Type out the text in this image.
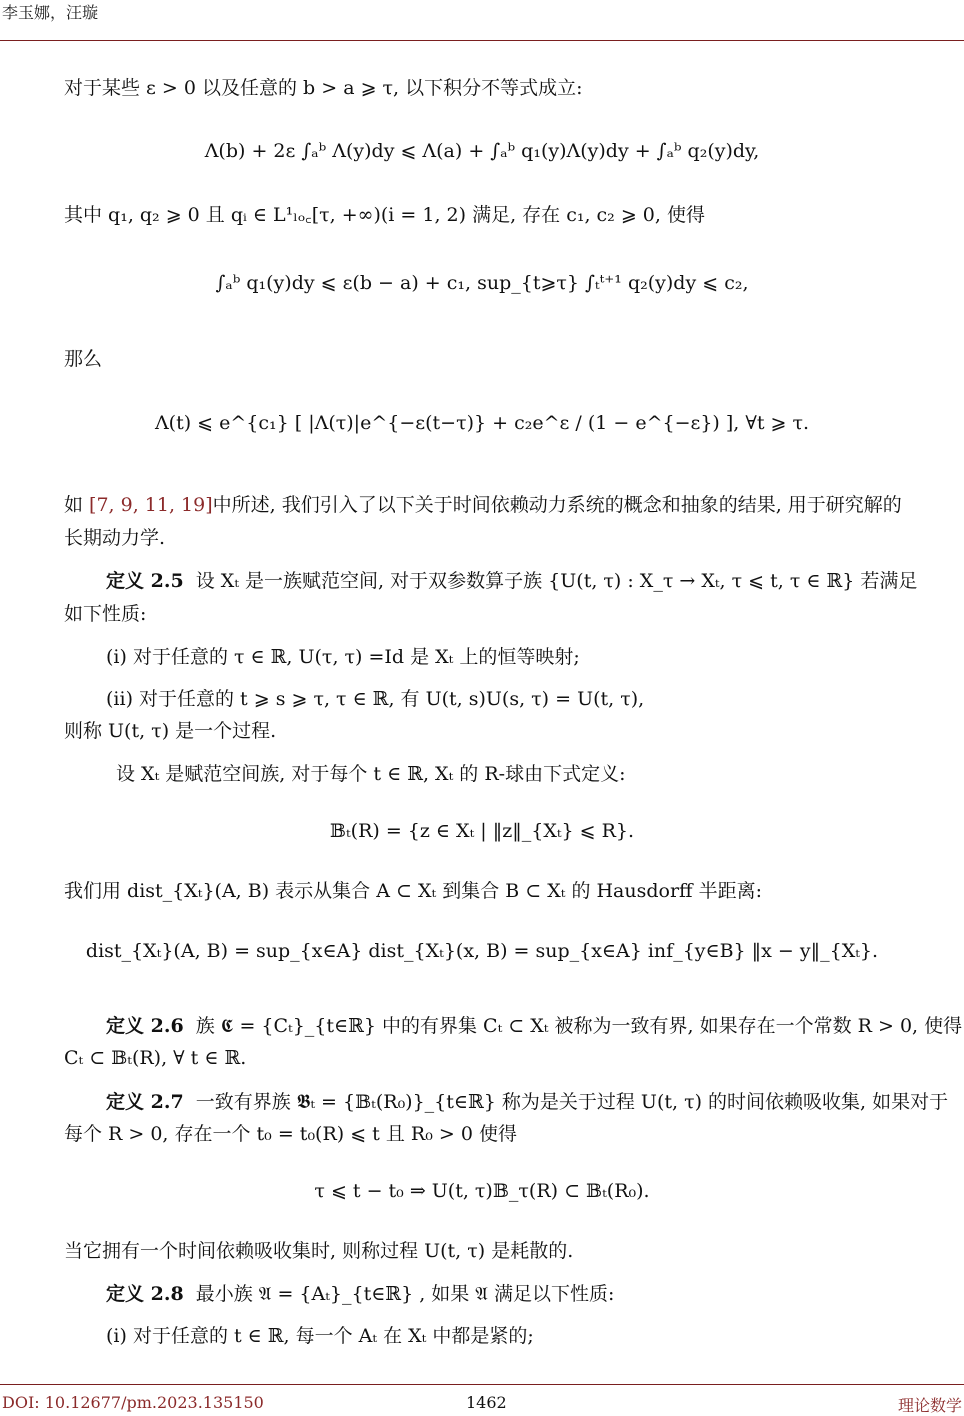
李玉娜，汪璇
对于某些 ε > 0 以及任意的 b > a ⩾ τ, 以下积分不等式成立:
Λ(b) + 2ε ∫ₐᵇ Λ(y)dy ⩽ Λ(a) + ∫ₐᵇ q₁(y)Λ(y)dy + ∫ₐᵇ q₂(y)dy,
其中 q₁, q₂ ⩾ 0 且 qᵢ ∈ L¹ₗₒ꜀[τ, +∞)(i = 1, 2) 满足, 存在 c₁, c₂ ⩾ 0, 使得
∫ₐᵇ q₁(y)dy ⩽ ε(b − a) + c₁, sup_{t⩾τ} ∫ₜᵗ⁺¹ q₂(y)dy ⩽ c₂,
那么
Λ(t) ⩽ e^{c₁} [ |Λ(τ)|e^{−ε(t−τ)} + c₂e^ε / (1 − e^{−ε}) ], ∀t ⩾ τ.
如 [7, 9, 11, 19]中所述, 我们引入了以下关于时间依赖动力系统的概念和抽象的结果, 用于研究解的
长期动力学.
定义 2.5 设 Xₜ 是一族赋范空间, 对于双参数算子族 {U(t, τ) : X_τ → Xₜ, τ ⩽ t, τ ∈ ℝ} 若满足
如下性质:
(i) 对于任意的 τ ∈ ℝ, U(τ, τ) =Id 是 Xₜ 上的恒等映射;
(ii) 对于任意的 t ⩾ s ⩾ τ, τ ∈ ℝ, 有 U(t, s)U(s, τ) = U(t, τ),
则称 U(t, τ) 是一个过程.
设 Xₜ 是赋范空间族, 对于每个 t ∈ ℝ, Xₜ 的 R-球由下式定义:
𝔹ₜ(R) = {z ∈ Xₜ | ‖z‖_{Xₜ} ⩽ R}.
我们用 dist_{Xₜ}(A, B) 表示从集合 A ⊂ Xₜ 到集合 B ⊂ Xₜ 的 Hausdorff 半距离:
dist_{Xₜ}(A, B) = sup_{x∈A} dist_{Xₜ}(x, B) = sup_{x∈A} inf_{y∈B} ‖x − y‖_{Xₜ}.
定义 2.6 族 𝕮 = {Cₜ}_{t∈ℝ} 中的有界集 Cₜ ⊂ Xₜ 被称为一致有界, 如果存在一个常数 R > 0, 使得
Cₜ ⊂ 𝔹ₜ(R), ∀ t ∈ ℝ.
定义 2.7 一致有界族 𝕭ₜ = {𝔹ₜ(R₀)}_{t∈ℝ} 称为是关于过程 U(t, τ) 的时间依赖吸收集, 如果对于
每个 R > 0, 存在一个 t₀ = t₀(R) ⩽ t 且 R₀ > 0 使得
τ ⩽ t − t₀ ⇒ U(t, τ)𝔹_τ(R) ⊂ 𝔹ₜ(R₀).
当它拥有一个时间依赖吸收集时, 则称过程 U(t, τ) 是耗散的.
定义 2.8 最小族 𝔄 = {Aₜ}_{t∈ℝ} , 如果 𝔄 满足以下性质:
(i) 对于任意的 t ∈ ℝ, 每一个 Aₜ 在 Xₜ 中都是紧的;
DOI: 10.12677/pm.2023.135150	1462	理论数学
